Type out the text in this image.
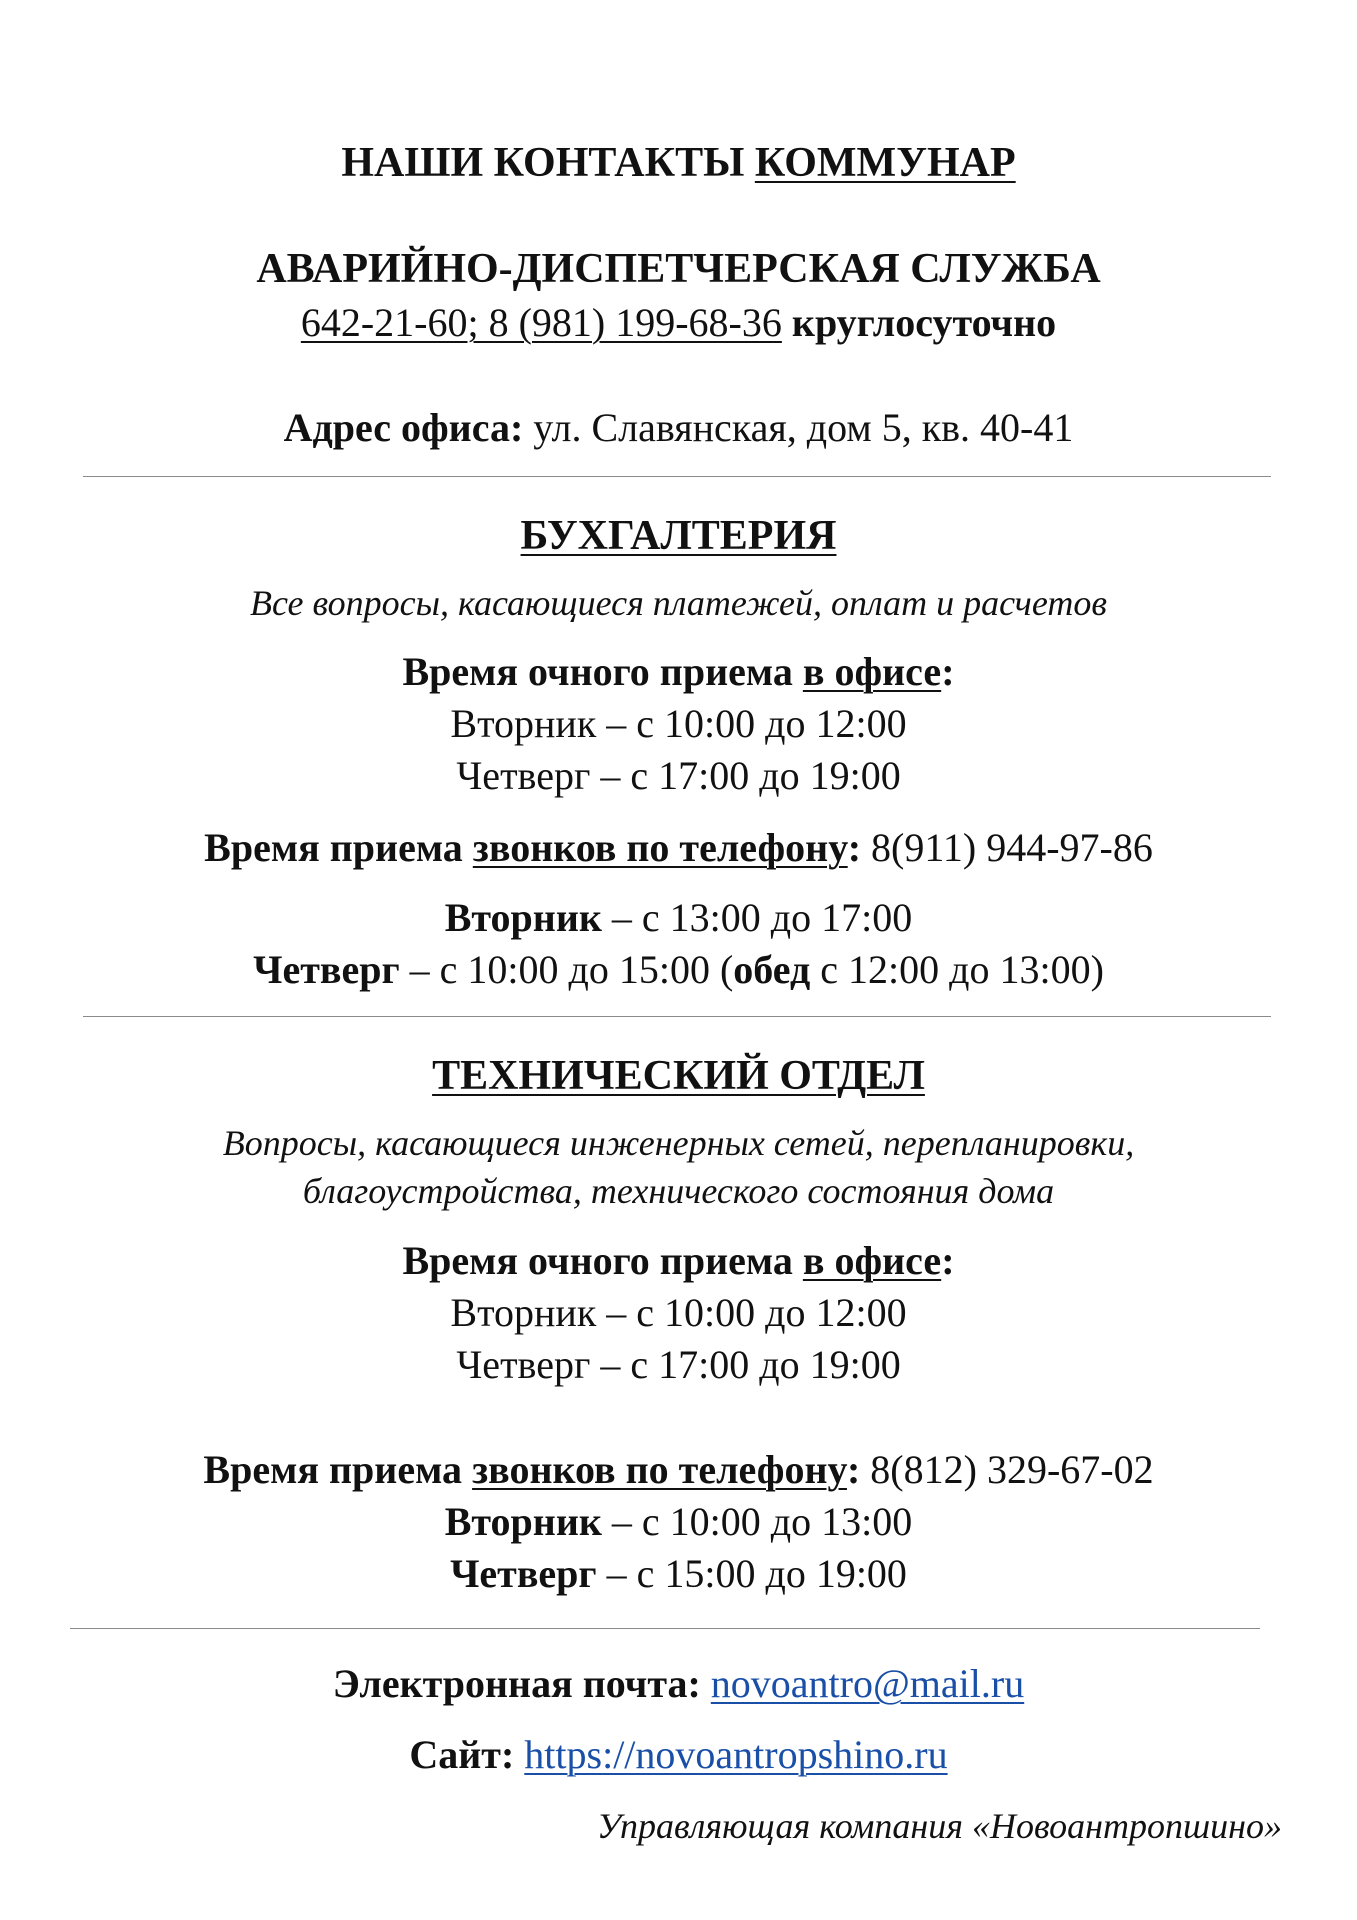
НАШИ КОНТАКТЫ КОММУНАР
АВАРИЙНО-ДИСПЕТЧЕРСКАЯ СЛУЖБА
642-21-60; 8 (981) 199-68-36 круглосуточно
Адрес офиса: ул. Славянская, дом 5, кв. 40-41
БУХГАЛТЕРИЯ
Все вопросы, касающиеся платежей, оплат и расчетов
Время очного приема в офисе:
Вторник – с 10:00 до 12:00
Четверг – с 17:00 до 19:00
Время приема звонков по телефону: 8(911) 944-97-86
Вторник – с 13:00 до 17:00
Четверг – с 10:00 до 15:00 (обед с 12:00 до 13:00)
ТЕХНИЧЕСКИЙ ОТДЕЛ
Вопросы, касающиеся инженерных сетей, перепланировки,
благоустройства, технического состояния дома
Время очного приема в офисе:
Вторник – с 10:00 до 12:00
Четверг – с 17:00 до 19:00
Время приема звонков по телефону: 8(812) 329-67-02
Вторник – с 10:00 до 13:00
Четверг – с 15:00 до 19:00
Электронная почта: novoantro@mail.ru
Сайт: https://novoantropshino.ru
Управляющая компания «Новоантропшино»
